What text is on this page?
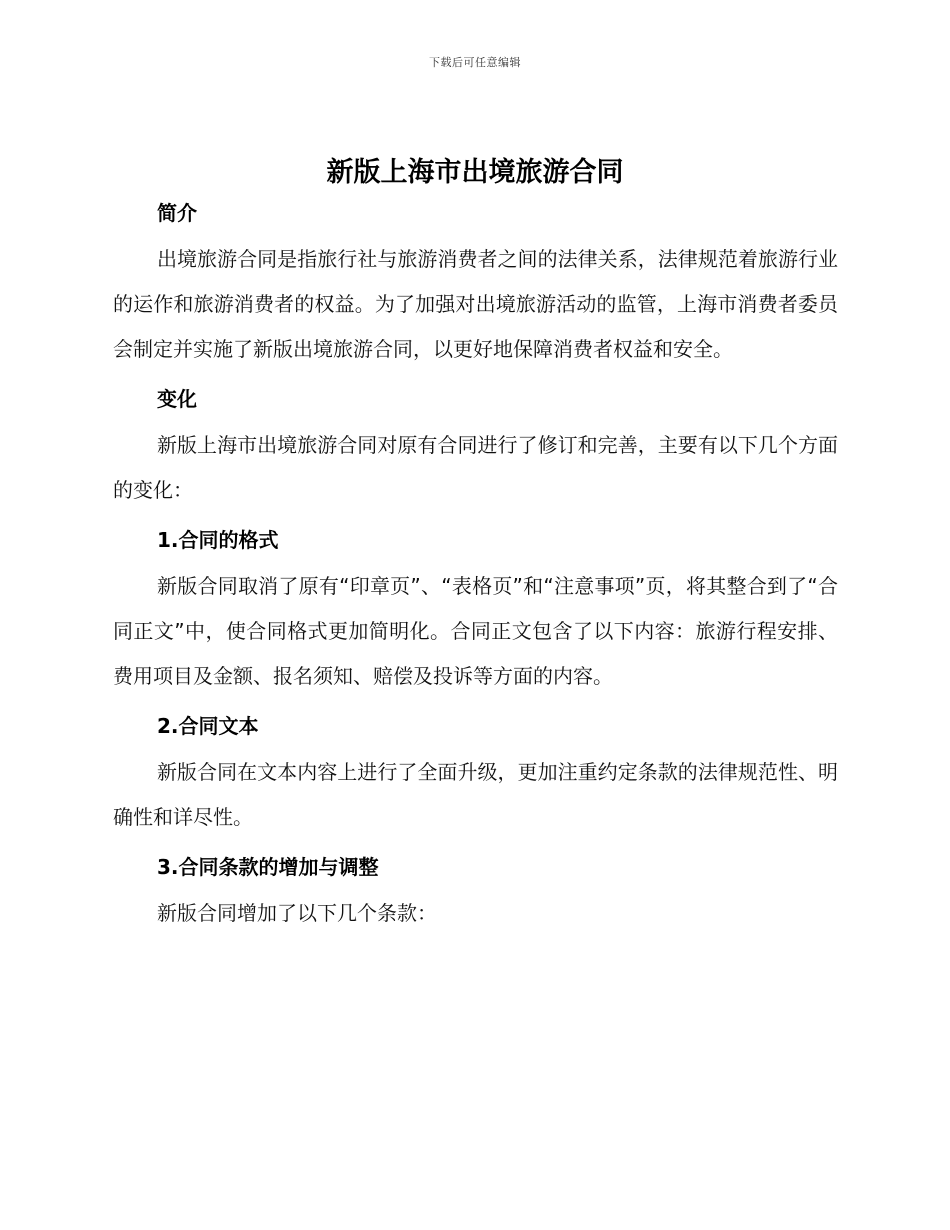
下载后可任意编辑
新版上海市出境旅游合同

简介

出境旅游合同是指旅行社与旅游消费者之间的法律关系，法律规范着旅游行业的运作和旅游消费者的权益。为了加强对出境旅游活动的监管，上海市消费者委员会制定并实施了新版出境旅游合同，以更好地保障消费者权益和安全。

变化

新版上海市出境旅游合同对原有合同进行了修订和完善，主要有以下几个方面的变化：

1.合同的格式

新版合同取消了原有“印章页”、“表格页”和“注意事项”页，将其整合到了“合同正文”中，使合同格式更加简明化。合同正文包含了以下内容：旅游行程安排、费用项目及金额、报名须知、赔偿及投诉等方面的内容。

2.合同文本

新版合同在文本内容上进行了全面升级，更加注重约定条款的法律规范性、明确性和详尽性。

3.合同条款的增加与调整

新版合同增加了以下几个条款：
